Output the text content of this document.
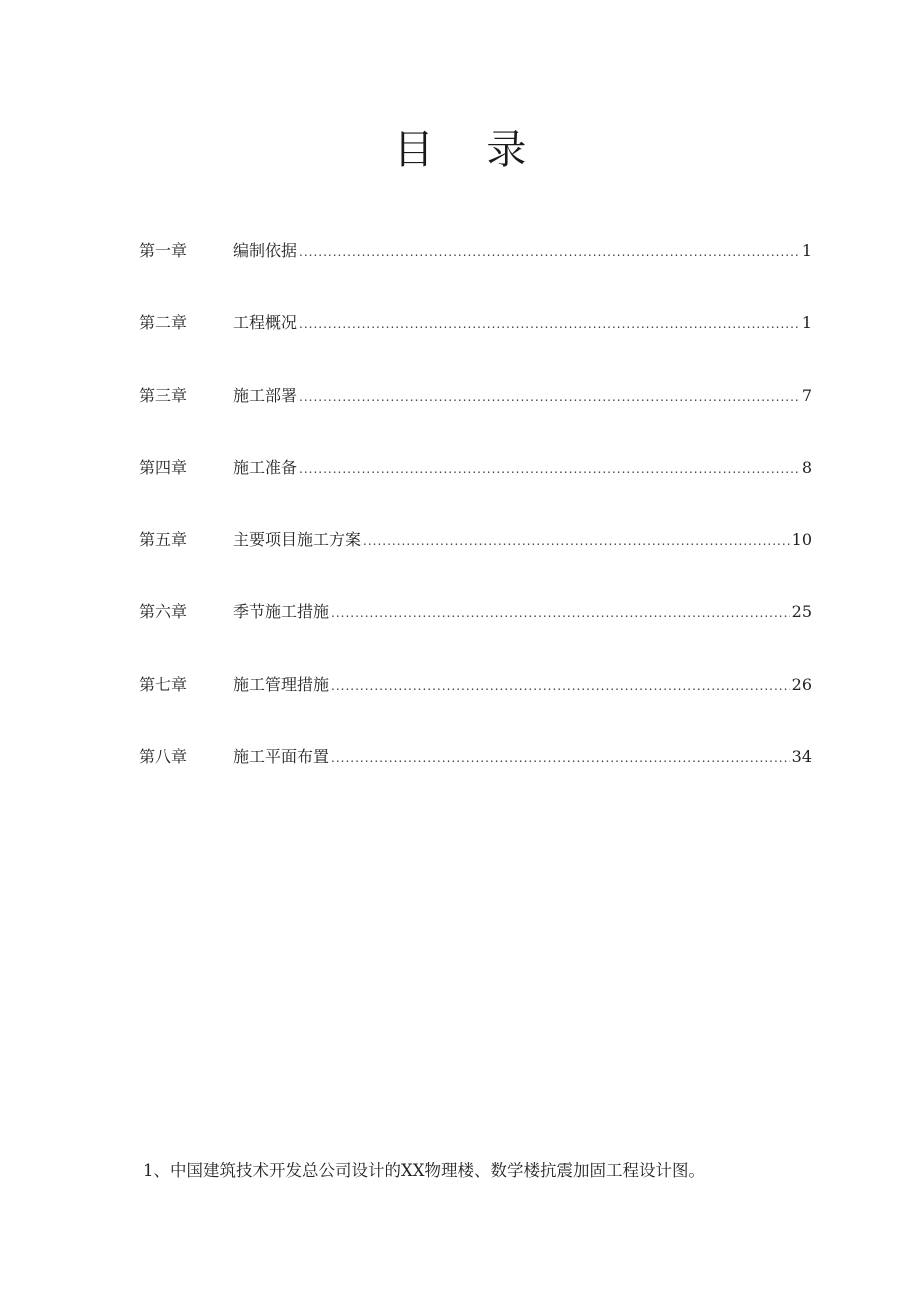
目 录
第一章	编制依据 .....	1
第二章	工程概况 .....	1
第三章	施工部署 .....	7
第四章	施工准备 .....	8
第五章	主要项目施工方案 .....	10
第六章	季节施工措施 .....	25
第七章	施工管理措施 .....	26
第八章	施工平面布置 .....	34

1、中国建筑技术开发总公司设计的XX物理楼、数学楼抗震加固工程设计图。
